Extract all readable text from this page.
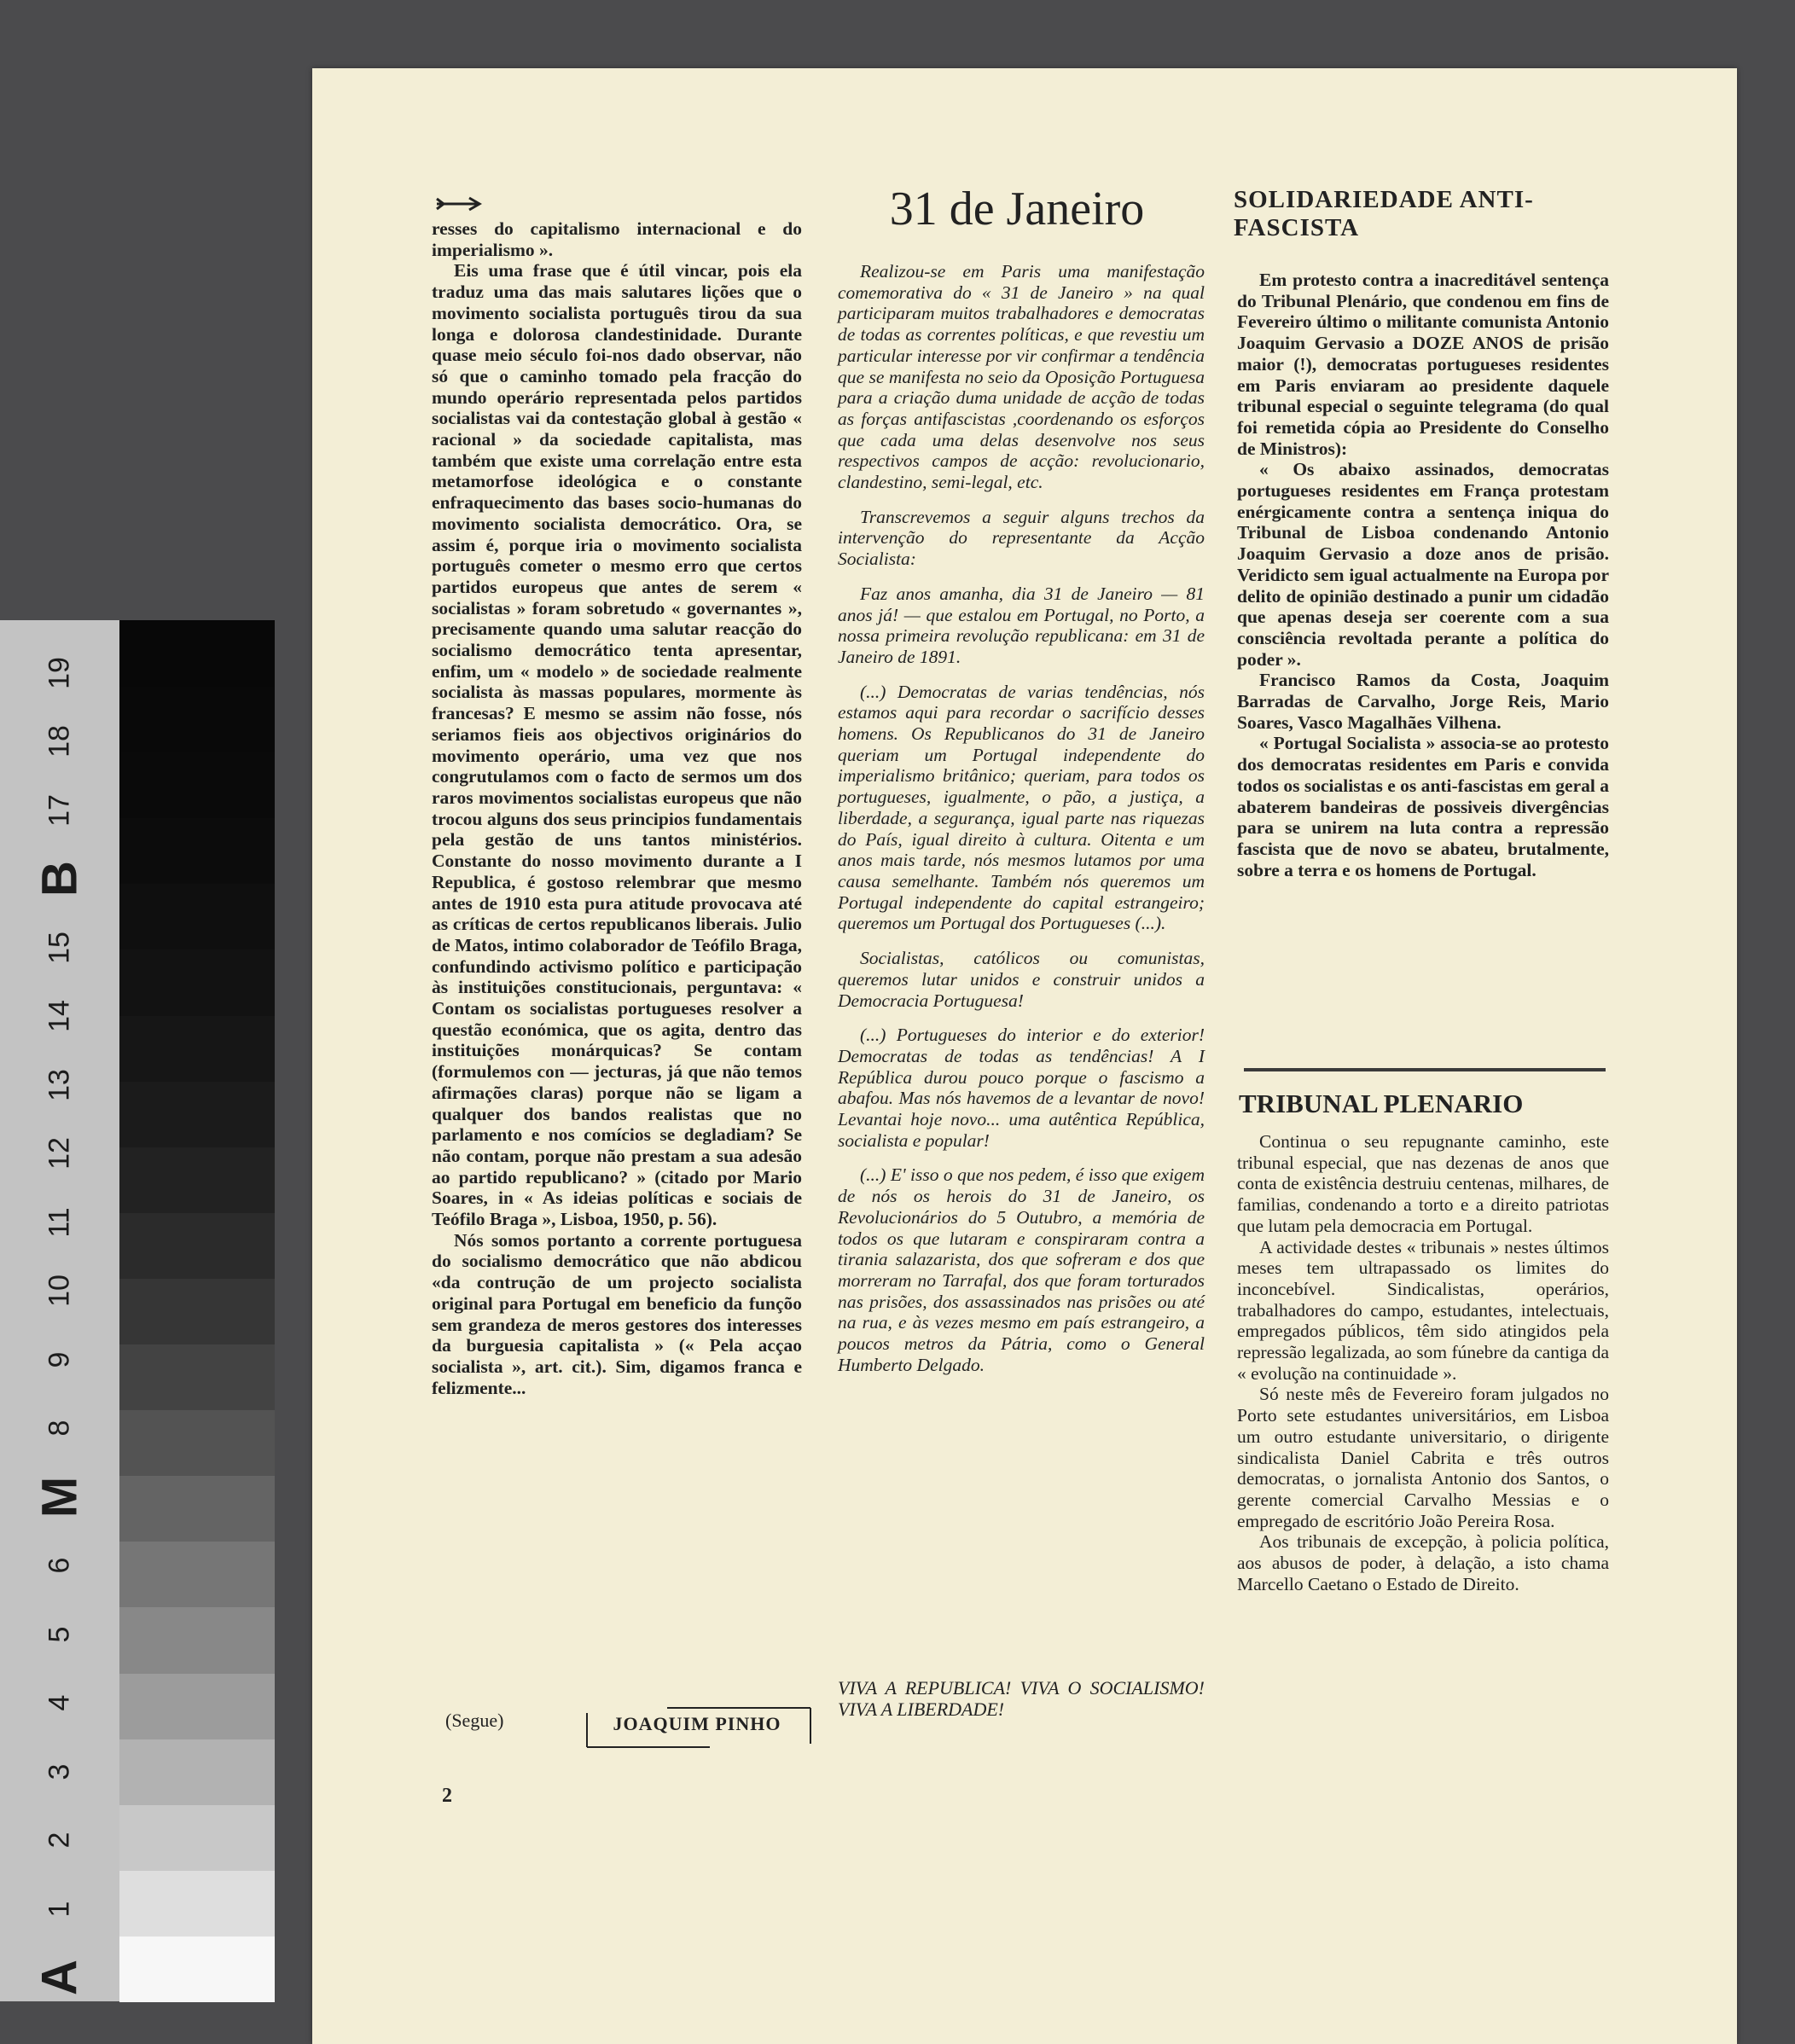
A
1
2
3
4
5
6
M
8
9
10
11
12
13
14
15
B
17
18
19

resses do capitalismo internacional e do imperialismo ».

Eis uma frase que é útil vincar, pois ela traduz uma das mais salutares lições que o movimento socialista português tirou da sua longa e dolorosa clandestinidade. Durante quase meio século foi-nos dado observar, não só que o caminho tomado pela fracção do mundo operário representada pelos partidos socialistas vai da contestação global à gestão « racional » da sociedade capitalista, mas também que existe uma correlação entre esta metamorfose ideológica e o constante enfraquecimento das bases socio-humanas do movimento socialista democrático. Ora, se assim é, porque iria o movimento socialista português cometer o mesmo erro que certos partidos europeus que antes de serem « socialistas » foram sobretudo « governantes », precisamente quando uma salutar reacção do socialismo democrático tenta apresentar, enfim, um « modelo » de sociedade realmente socialista às massas populares, mormente às francesas? E mesmo se assim não fosse, nós seriamos fieis aos objectivos originários do movimento operário, uma vez que nos congrutulamos com o facto de sermos um dos raros movimentos socialistas europeus que não trocou alguns dos seus principios fundamentais pela gestão de uns tantos ministérios. Constante do nosso movimento durante a I Republica, é gostoso relembrar que mesmo antes de 1910 esta pura atitude provocava até as críticas de certos republicanos liberais. Julio de Matos, intimo colaborador de Teófilo Braga, confundindo activismo político e participação às instituições constitucionais, perguntava: « Contam os socialistas portugueses resolver a questão económica, que os agita, dentro das instituições monárquicas? Se contam (formulemos con — jecturas, já que não temos afirmações claras) porque não se ligam a qualquer dos bandos realistas que no parlamento e nos comícios se degladiam? Se não contam, porque não prestam a sua adesão ao partido republicano? » (citado por Mario Soares, in « As ideias políticas e sociais de Teófilo Braga », Lisboa, 1950, p. 56).

Nós somos portanto a corrente portuguesa do socialismo democrático que não abdicou «da contrução de um projecto socialista original para Portugal em beneficio da funçõo sem grandeza de meros gestores dos interesses da burguesia capitalista » (« Pela acçao socialista », art. cit.). Sim, digamos franca e felizmente...

(Segue)	JOAQUIM PINHO
31 de Janeiro

Realizou-se em Paris uma manifestação comemorativa do « 31 de Janeiro » na qual participaram muitos trabalhadores e democratas de todas as correntes políticas, e que revestiu um particular interesse por vir confirmar a tendência que se manifesta no seio da Oposição Portuguesa para a criação duma unidade de acção de todas as forças antifascistas ,coordenando os esforços que cada uma delas desenvolve nos seus respectivos campos de acção: revolucionario, clandestino, semi-legal, etc.

Transcrevemos a seguir alguns trechos da intervenção do representante da Acção Socialista:

Faz anos amanha, dia 31 de Janeiro — 81 anos já! — que estalou em Portugal, no Porto, a nossa primeira revolução republicana: em 31 de Janeiro de 1891.

(...) Democratas de varias tendências, nós estamos aqui para recordar o sacrifício desses homens. Os Republicanos do 31 de Janeiro queriam um Portugal independente do imperialismo britânico; queriam, para todos os portugueses, igualmente, o pão, a justiça, a liberdade, a segurança, igual parte nas riquezas do País, igual direito à cultura. Oitenta e um anos mais tarde, nós mesmos lutamos por uma causa semelhante. Também nós queremos um Portugal independente do capital estrangeiro; queremos um Portugal dos Portugueses (...).

Socialistas, católicos ou comunistas, queremos lutar unidos e construir unidos a Democracia Portuguesa!

(...) Portugueses do interior e do exterior! Democratas de todas as tendências! A I República durou pouco porque o fascismo a abafou. Mas nós havemos de a levantar de novo! Levantai hoje novo... uma autêntica República, socialista e popular!

(...) E' isso o que nos pedem, é isso que exigem de nós os herois do 31 de Janeiro, os Revolucionários do 5 Outubro, a memória de todos os que lutaram e conspiraram contra a tirania salazarista, dos que sofreram e dos que morreram no Tarrafal, dos que foram torturados nas prisões, dos assassinados nas prisões ou até na rua, e às vezes mesmo em país estrangeiro, a poucos metros da Pátria, como o General Humberto Delgado.

VIVA A REPUBLICA! VIVA O SOCIALISMO! VIVA A LIBERDADE!
SOLIDARIEDADE ANTI-FASCISTA

Em protesto contra a inacreditável sentença do Tribunal Plenário, que condenou em fins de Fevereiro último o militante comunista Antonio Joaquim Gervasio a DOZE ANOS de prisão maior (!), democratas portugueses residentes em Paris enviaram ao presidente daquele tribunal especial o seguinte telegrama (do qual foi remetida cópia ao Presidente do Conselho de Ministros):

« Os abaixo assinados, democratas portugueses residentes em França protestam enérgicamente contra a sentença iniqua do Tribunal de Lisboa condenando Antonio Joaquim Gervasio a doze anos de prisão. Veridicto sem igual actualmente na Europa por delito de opinião destinado a punir um cidadão que apenas deseja ser coerente com a sua consciência revoltada perante a política do poder ».

Francisco Ramos da Costa, Joaquim Barradas de Carvalho, Jorge Reis, Mario Soares, Vasco Magalhães Vilhena.

« Portugal Socialista » associa-se ao protesto dos democratas residentes em Paris e convida todos os socialistas e os anti-fascistas em geral a abaterem bandeiras de possiveis divergências para se unirem na luta contra a repressão fascista que de novo se abateu, brutalmente, sobre a terra e os homens de Portugal.

TRIBUNAL PLENARIO

Continua o seu repugnante caminho, este tribunal especial, que nas dezenas de anos que conta de existência destruiu centenas, milhares, de familias, condenando a torto e a direito patriotas que lutam pela democracia em Portugal.

A actividade destes « tribunais » nestes últimos meses tem ultrapassado os limites do inconcebível. Sindicalistas, operários, trabalhadores do campo, estudantes, intelectuais, empregados públicos, têm sido atingidos pela repressão legalizada, ao som fúnebre da cantiga da « evolução na continuidade ».

Só neste mês de Fevereiro foram julgados no Porto sete estudantes universitários, em Lisboa um outro estudante universitario, o dirigente sindicalista Daniel Cabrita e três outros democratas, o jornalista Antonio dos Santos, o gerente comercial Carvalho Messias e o empregado de escritório João Pereira Rosa.

Aos tribunais de excepção, à policia política, aos abusos de poder, à delação, a isto chama Marcello Caetano o Estado de Direito.

2
